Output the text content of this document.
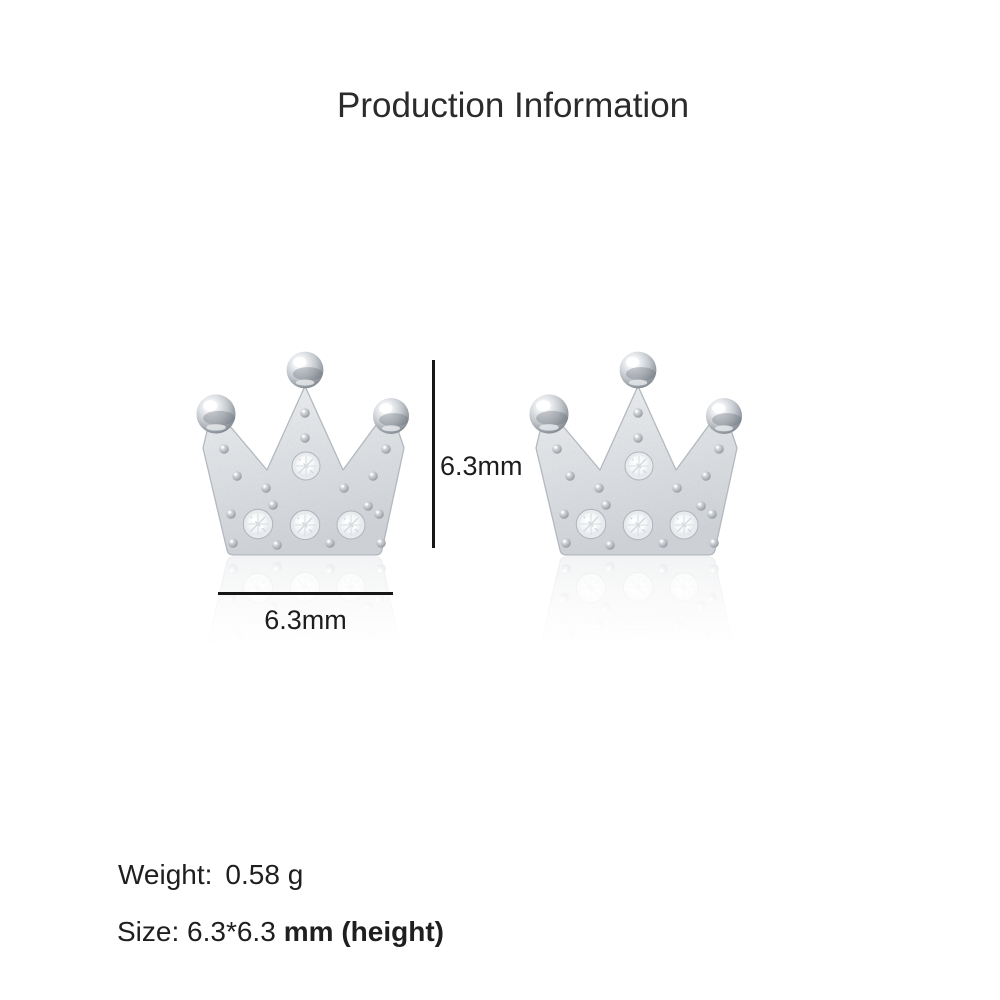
Production Information
6.3mm
6.3mm
Weight: 0.58 g
Size: 6.3*6.3 mm (height)
